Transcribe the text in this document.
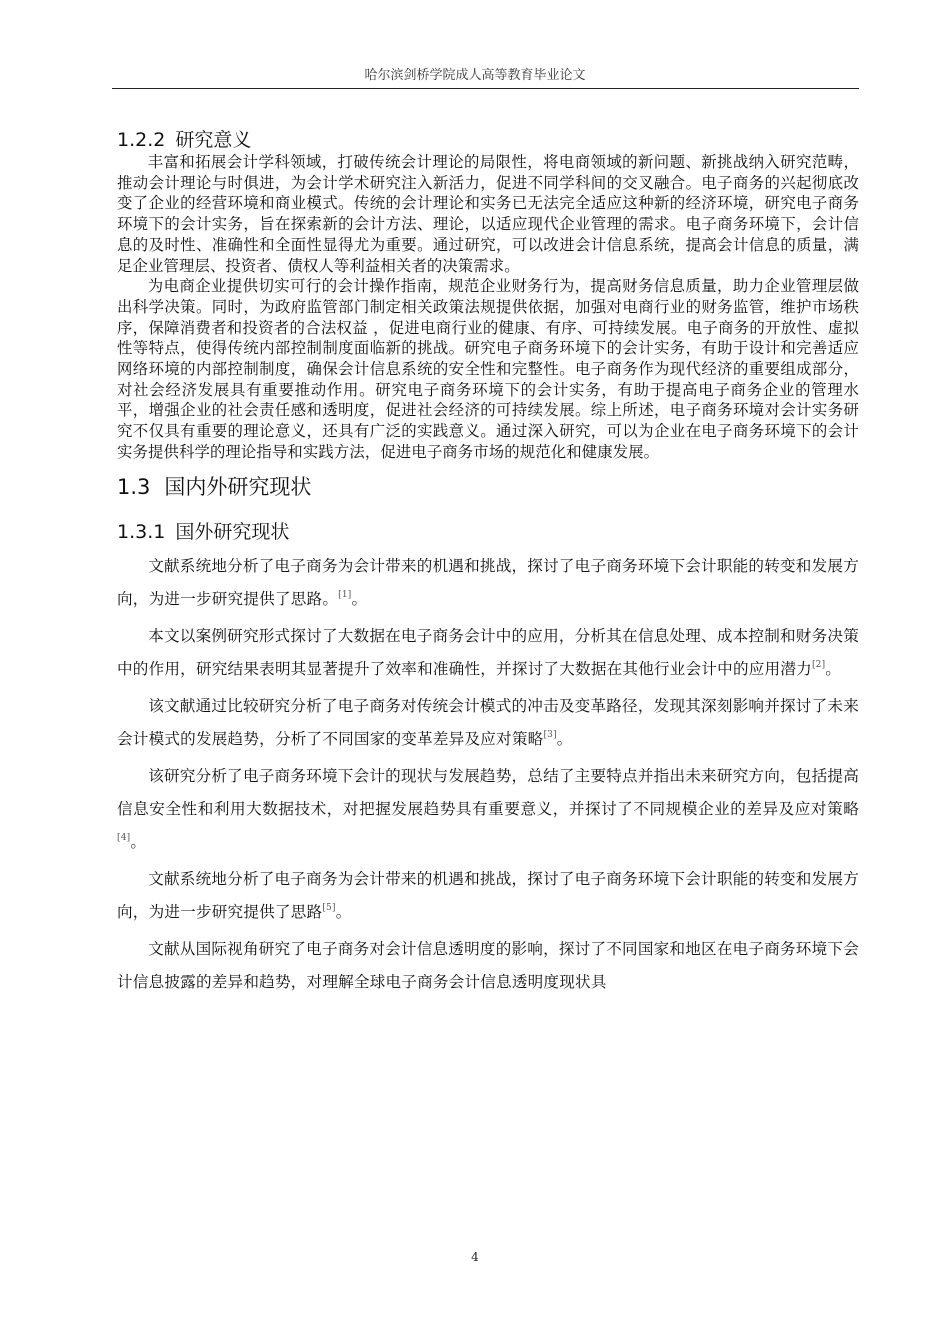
哈尔滨剑桥学院成人高等教育毕业论文
1.2.2 研究意义

丰富和拓展会计学科领域，打破传统会计理论的局限性，将电商领域的新问题、新挑战纳入研究范畴，推动会计理论与时俱进，为会计学术研究注入新活力，促进不同学科间的交叉融合。电子商务的兴起彻底改变了企业的经营环境和商业模式。传统的会计理论和实务已无法完全适应这种新的经济环境，研究电子商务环境下的会计实务，旨在探索新的会计方法、理论，以适应现代企业管理的需求。电子商务环境下，会计信息的及时性、准确性和全面性显得尤为重要。通过研究，可以改进会计信息系统，提高会计信息的质量，满足企业管理层、投资者、债权人等利益相关者的决策需求。

为电商企业提供切实可行的会计操作指南，规范企业财务行为，提高财务信息质量，助力企业管理层做出科学决策。同时，为政府监管部门制定相关政策法规提供依据，加强对电商行业的财务监管，维护市场秩序，保障消费者和投资者的合法权益 ，促进电商行业的健康、有序、可持续发展。电子商务的开放性、虚拟性等特点，使得传统内部控制制度面临新的挑战。研究电子商务环境下的会计实务，有助于设计和完善适应网络环境的内部控制制度，确保会计信息系统的安全性和完整性。电子商务作为现代经济的重要组成部分，对社会经济发展具有重要推动作用。研究电子商务环境下的会计实务，有助于提高电子商务企业的管理水平，增强企业的社会责任感和透明度，促进社会经济的可持续发展。综上所述，电子商务环境对会计实务研究不仅具有重要的理论意义，还具有广泛的实践意义。通过深入研究，可以为企业在电子商务环境下的会计实务提供科学的理论指导和实践方法，促进电子商务市场的规范化和健康发展。

1.3 国内外研究现状
1.3.1 国外研究现状

文献系统地分析了电子商务为会计带来的机遇和挑战，探讨了电子商务环境下会计职能的转变和发展方向，为进一步研究提供了思路。[1]。

本文以案例研究形式探讨了大数据在电子商务会计中的应用，分析其在信息处理、成本控制和财务决策中的作用，研究结果表明其显著提升了效率和准确性，并探讨了大数据在其他行业会计中的应用潜力[2]。

该文献通过比较研究分析了电子商务对传统会计模式的冲击及变革路径，发现其深刻影响并探讨了未来会计模式的发展趋势，分析了不同国家的变革差异及应对策略[3]。

该研究分析了电子商务环境下会计的现状与发展趋势，总结了主要特点并指出未来研究方向，包括提高信息安全性和利用大数据技术，对把握发展趋势具有重要意义，并探讨了不同规模企业的差异及应对策略[4]。

文献系统地分析了电子商务为会计带来的机遇和挑战，探讨了电子商务环境下会计职能的转变和发展方向，为进一步研究提供了思路[5]。

文献从国际视角研究了电子商务对会计信息透明度的影响，探讨了不同国家和地区在电子商务环境下会计信息披露的差异和趋势，对理解全球电子商务会计信息透明度现状具

4
